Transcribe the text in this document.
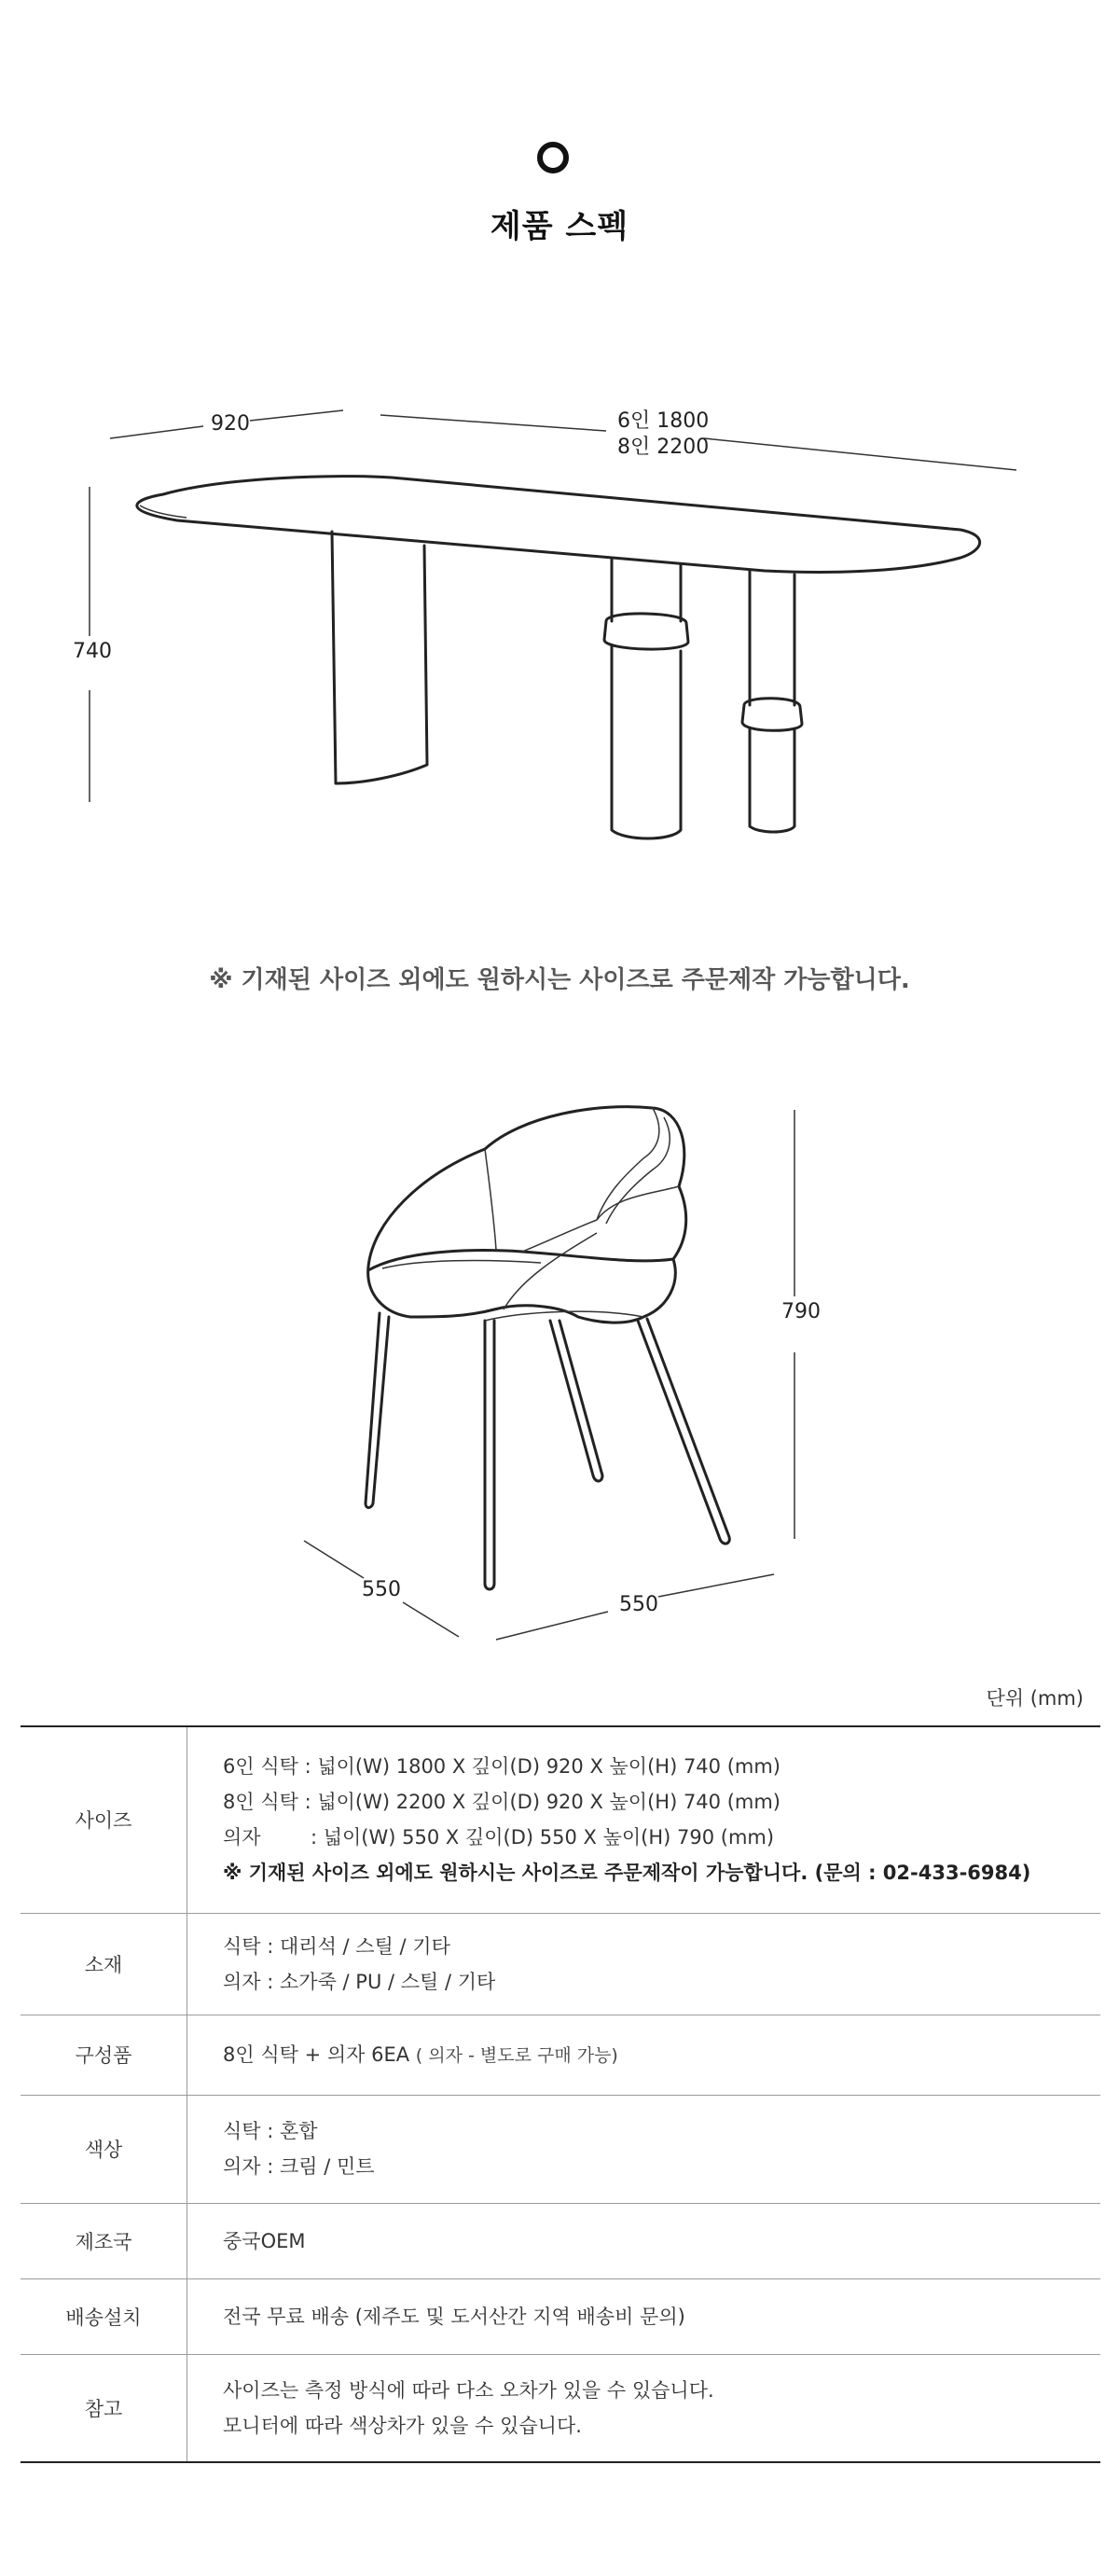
제품 스펙
920	6인 1800
8인 2200
740
※ 기재된 사이즈 외에도 원하시는 사이즈로 주문제작 가능합니다.
790
550
550
단위 (mm)
사이즈	6인 식탁 : 넓이(W) 1800 X 깊이(D) 920 X 높이(H) 740 (mm)
8인 식탁 : 넓이(W) 2200 X 깊이(D) 920 X 높이(H) 740 (mm)
의자        : 넓이(W) 550 X 깊이(D) 550 X 높이(H) 790 (mm)
※ 기재된 사이즈 외에도 원하시는 사이즈로 주문제작이 가능합니다. (문의 : 02-433-6984)

소재	식탁 : 대리석 / 스틸 / 기타
의자 : 소가죽 / PU / 스틸 / 기타

구성품	8인 식탁 + 의자 6EA ( 의자 - 별도로 구매 가능)
색상	식탁 : 혼합
의자 : 크림 / 민트

제조국	중국OEM
배송설치	전국 무료 배송 (제주도 및 도서산간 지역 배송비 문의)
참고	사이즈는 측정 방식에 따라 다소 오차가 있을 수 있습니다.
모니터에 따라 색상차가 있을 수 있습니다.
